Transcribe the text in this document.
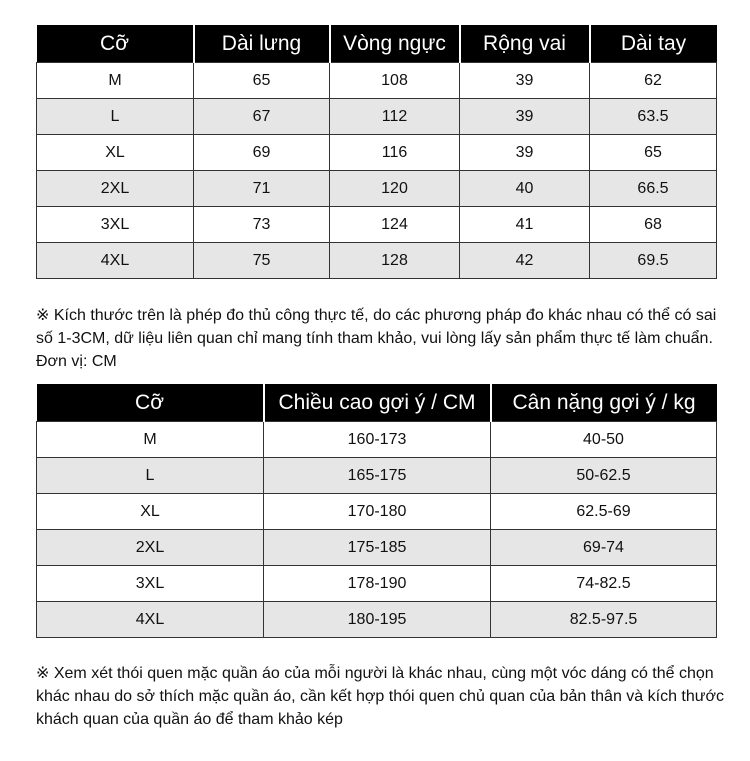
Cỡ	Dài lưng	Vòng ngực	Rộng vai	Dài tay
M	65	108	39	62
L	67	112	39	63.5
XL	69	116	39	65
2XL	71	120	40	66.5
3XL	73	124	41	68
4XL	75	128	42	69.5
※ Kích thước trên là phép đo thủ công thực tế, do các phương pháp đo khác nhau có thể có sai số 1-3CM, dữ liệu liên quan chỉ mang tính tham khảo, vui lòng lấy sản phẩm thực tế làm chuẩn. Đơn vị: CM
Cỡ	Chiều cao gợi ý / CM	Cân nặng gợi ý / kg
M	160-173	40-50
L	165-175	50-62.5
XL	170-180	62.5-69
2XL	175-185	69-74
3XL	178-190	74-82.5
4XL	180-195	82.5-97.5
※ Xem xét thói quen mặc quần áo của mỗi người là khác nhau, cùng một vóc dáng có thể chọn khác nhau do sở thích mặc quần áo, cần kết hợp thói quen chủ quan của bản thân và kích thước khách quan của quần áo để tham khảo kép
